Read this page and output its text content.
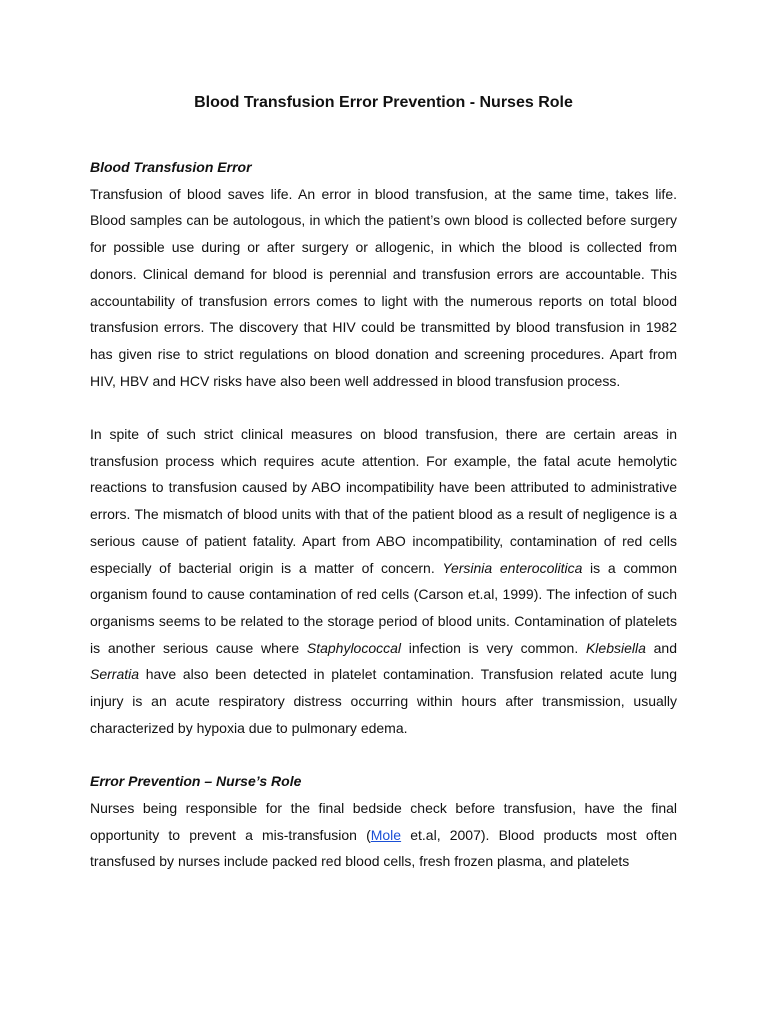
Blood Transfusion Error Prevention - Nurses Role
Blood Transfusion Error

Transfusion of blood saves life. An error in blood transfusion, at the same time, takes life. Blood samples can be autologous, in which the patient’s own blood is collected before surgery for possible use during or after surgery or allogenic, in which the blood is collected from donors. Clinical demand for blood is perennial and transfusion errors are accountable. This accountability of transfusion errors comes to light with the numerous reports on total blood transfusion errors. The discovery that HIV could be transmitted by blood transfusion in 1982 has given rise to strict regulations on blood donation and screening procedures. Apart from HIV, HBV and HCV risks have also been well addressed in blood transfusion process.

In spite of such strict clinical measures on blood transfusion, there are certain areas in transfusion process which requires acute attention. For example, the fatal acute hemolytic reactions to transfusion caused by ABO incompatibility have been attributed to administrative errors. The mismatch of blood units with that of the patient blood as a result of negligence is a serious cause of patient fatality. Apart from ABO incompatibility, contamination of red cells especially of bacterial origin is a matter of concern. Yersinia enterocolitica is a common organism found to cause contamination of red cells (Carson et.al, 1999). The infection of such organisms seems to be related to the storage period of blood units. Contamination of platelets is another serious cause where Staphylococcal infection is very common. Klebsiella and Serratia have also been detected in platelet contamination. Transfusion related acute lung injury is an acute respiratory distress occurring within hours after transmission, usually characterized by hypoxia due to pulmonary edema.

Error Prevention – Nurse’s Role

Nurses being responsible for the final bedside check before transfusion, have the final opportunity to prevent a mis-transfusion (Mole et.al, 2007). Blood products most often transfused by nurses include packed red blood cells, fresh frozen plasma, and platelets
